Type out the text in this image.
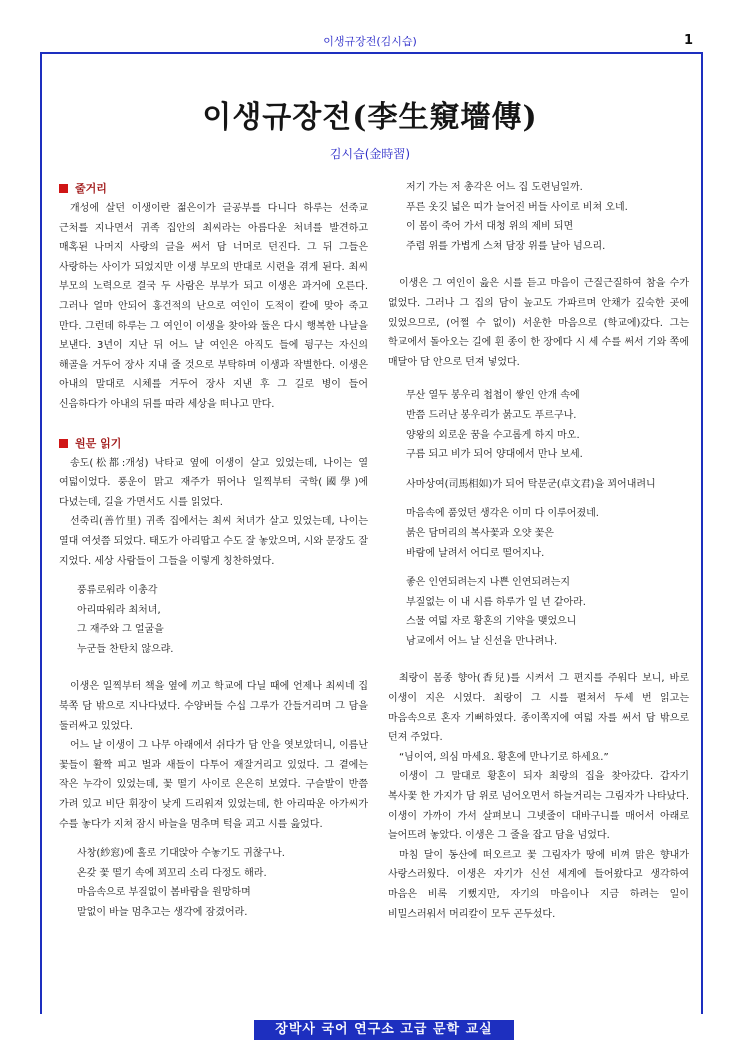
이생규장전(김시습)	1
이생규장전(李生窺墻傳)
김시습(金時習)
줄거리

개성에 살던 이생이란 젊은이가 글공부를 다니다 하루는 선죽교 근처를 지나면서 귀족 집안의 최씨라는 아름다운 처녀를 발견하고 매혹된 나머지 사랑의 글을 써서 담 너머로 던진다. 그 뒤 그들은 사랑하는 사이가 되었지만 이생 부모의 반대로 시련을 겪게 된다. 최씨 부모의 노력으로 결국 두 사람은 부부가 되고 이생은 과거에 오른다. 그러나 얼마 안되어 홍건적의 난으로 여인이 도적이 칼에 맞아 죽고 만다. 그런데 하루는 그 여인이 이생을 찾아와 둘은 다시 행복한 나날을 보낸다. 3년이 지난 뒤 어느 날 여인은 아직도 들에 뒹구는 자신의 해골을 거두어 장사 지내 줄 것으로 부탁하며 이생과 작별한다. 이생은 아내의 말대로 시체를 거두어 장사 지낸 후 그 길로 병이 들어 신음하다가 아내의 뒤를 따라 세상을 떠나고 만다.

원문 읽기

송도(松都:개성) 낙타교 옆에 이생이 살고 있었는데, 나이는 열 여덟이었다. 풍운이 맑고 재주가 뛰어나 일찍부터 국학(國學)에 다녔는데, 길을 가면서도 시를 읽었다.

선죽리(善竹里) 귀족 집에서는 최씨 처녀가 살고 있었는데, 나이는 열대 여섯쯤 되었다. 태도가 아리땁고 수도 잘 놓았으며, 시와 문장도 잘 지었다. 세상 사람들이 그들을 이렇게 칭찬하였다.

풍류로워라 이총각
아리따워라 최처녀,
그 재주와 그 얼굴을
누군들 찬탄치 않으랴.

이생은 일찍부터 책을 옆에 끼고 학교에 다닐 때에 언제나 최씨네 집 북쪽 담 밖으로 지나다녔다. 수양버들 수십 그루가 간들거리며 그 담을 둘러싸고 있었다.

어느 날 이생이 그 나무 아래에서 쉬다가 담 안을 엿보았더니, 이름난 꽃들이 활짝 피고 벌과 새들이 다투어 재잘거리고 있었다. 그 곁에는 작은 누각이 있었는데, 꽃 떨기 사이로 은은히 보였다. 구슬발이 반쯤 가려 있고 비단 휘장이 낮게 드리워져 있었는데, 한 아리따운 아가씨가 수를 놓다가 지쳐 잠시 바늘을 멈추며 턱을 괴고 시를 읊었다.

사창(紗窓)에 홀로 기대앉아 수놓기도 귀찮구나.
온갖 꽃 떨기 속에 꾀꼬리 소리 다정도 해라.
마음속으로 부질없이 봄바람을 원망하며
말없이 바늘 멈추고는 생각에 잠겼어라.
저기 가는 저 총각은 어느 집 도련님일까.
푸른 옷깃 넓은 띠가 늘어진 버들 사이로 비쳐 오네.
이 몸이 죽어 가서 대청 위의 제비 되면
주렴 위를 가볍게 스쳐 담장 위를 날아 넘으리.

이생은 그 여인이 읊은 시를 듣고 마음이 근질근질하여 참을 수가 없었다. 그러나 그 집의 담이 높고도 가파르며 안채가 깊숙한 곳에 있었으므로, (어쩔 수 없이) 서운한 마음으로 (학교에)갔다. 그는 학교에서 돌아오는 길에 흰 종이 한 장에다 시 세 수를 써서 기와 쪽에 매달아 담 안으로 던져 넣었다.

무산 열두 봉우리 첩첩이 쌓인 안개 속에
반쯤 드러난 봉우리가 붉고도 푸르구나.
양왕의 외로운 꿈을 수고롭게 하지 마오.
구름 되고 비가 되어 양대에서 만나 보세.
사마상여(司馬相如)가 되어 탁문군(卓文君)을 꾀어내려니
마음속에 품었던 생각은 이미 다 이루어졌네.
붉은 담머리의 복사꽃과 오얏 꽃은
바람에 날려서 어디로 떨어지나.
좋은 인연되려는지 나쁜 인연되려는지
부질없는 이 내 시름 하루가 일 년 같아라.
스물 여덟 자로 황혼의 기약을 맺었으니
남교에서 어느 날 신선을 만나려나.

최랑이 몸종 향아(香兒)를 시켜서 그 편지를 주워다 보니, 바로 이생이 지은 시였다. 최랑이 그 시를 펼쳐서 두세 번 읽고는 마음속으로 혼자 기뻐하였다. 종이쪽지에 여덟 자를 써서 담 밖으로 던져 주었다.

“님이여, 의심 마세요. 황혼에 만나기로 하세요.”

이생이 그 말대로 황혼이 되자 최랑의 집을 찾아갔다. 갑자기 복사꽃 한 가지가 담 위로 넘어오면서 하늘거리는 그림자가 나타났다. 이생이 가까이 가서 살펴보니 그넷줄이 대바구니를 매어서 아래로 늘어뜨려 놓았다. 이생은 그 줄을 잡고 담을 넘었다.

마침 달이 동산에 떠오르고 꽃 그림자가 땅에 비껴 맑은 향내가 사랑스러웠다. 이생은 자기가 신선 세계에 들어왔다고 생각하여 마음은 비록 기뻤지만, 자기의 마음이나 지금 하려는 일이 비밀스러워서 머리칼이 모두 곤두섰다.

장박사 국어 연구소 고급 문학 교실
